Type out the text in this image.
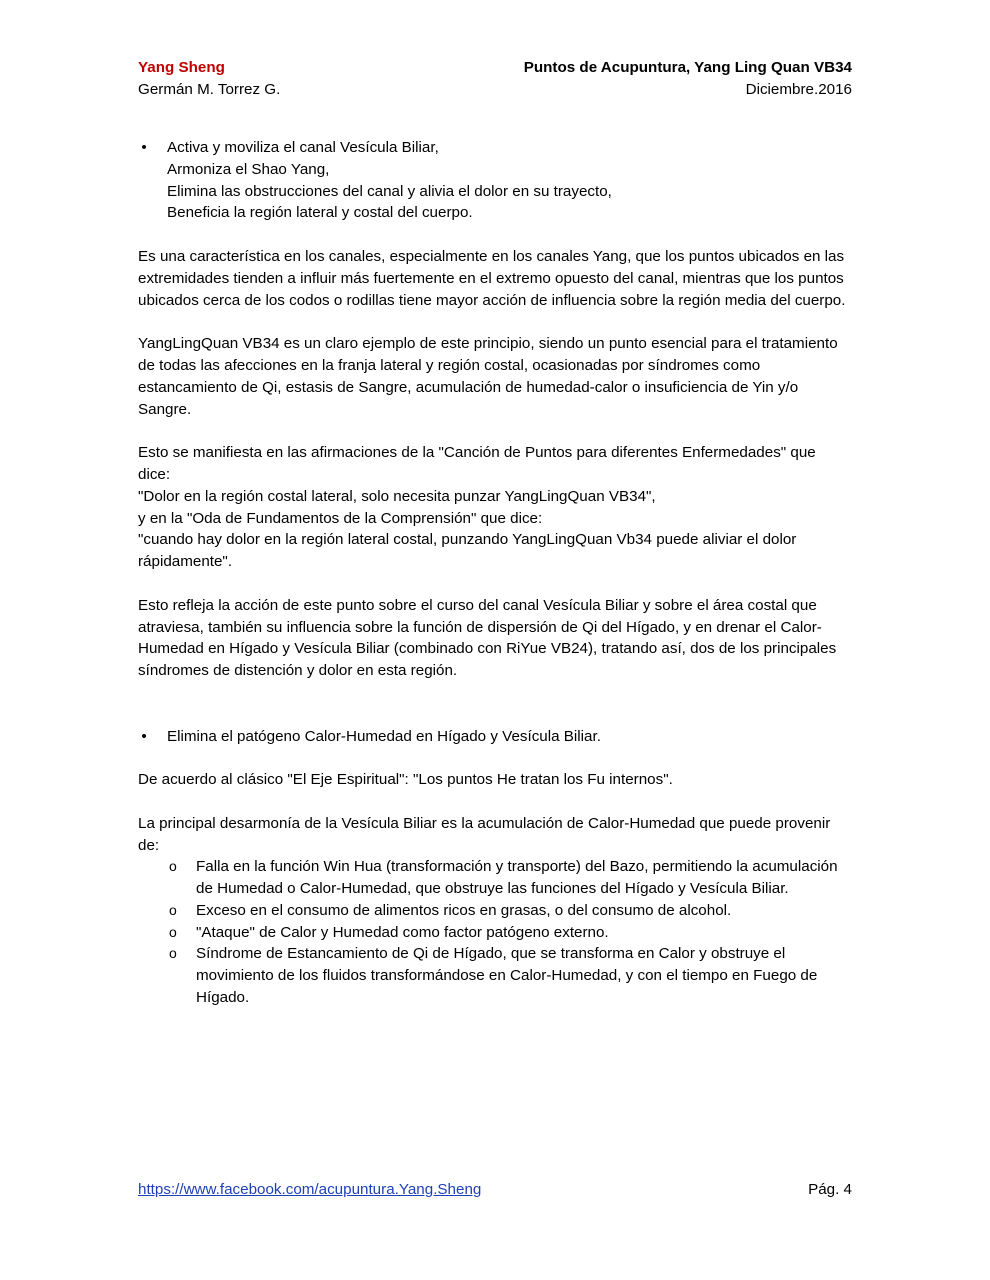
Yang Sheng	Puntos de Acupuntura, Yang Ling Quan VB34
Germán M. Torrez G.	Diciembre.2016
• Activa y moviliza el canal Vesícula Biliar,
Armoniza el Shao Yang,
Elimina las obstrucciones del canal y alivia el dolor en su trayecto,
Beneficia la región lateral y costal del cuerpo.

Es una característica en los canales, especialmente en los canales Yang, que los puntos ubicados en las extremidades tienden a influir más fuertemente en el extremo opuesto del canal, mientras que los puntos ubicados cerca de los codos o rodillas tiene mayor acción de influencia sobre la región media del cuerpo.

YangLingQuan VB34 es un claro ejemplo de este principio, siendo un punto esencial para el tratamiento de todas las afecciones en la franja lateral y región costal, ocasionadas por síndromes como estancamiento de Qi, estasis de Sangre, acumulación de humedad-calor o insuficiencia de Yin y/o Sangre.

Esto se manifiesta en las afirmaciones de la "Canción de Puntos para diferentes Enfermedades" que dice:
"Dolor en la región costal lateral, solo necesita punzar YangLingQuan VB34",
y en la "Oda de Fundamentos de la Comprensión" que dice:
"cuando hay dolor en la región lateral costal, punzando YangLingQuan Vb34 puede aliviar el dolor rápidamente".

Esto refleja la acción de este punto sobre el curso del canal Vesícula Biliar y sobre el área costal que atraviesa, también su influencia sobre la función de dispersión de Qi del Hígado, y en drenar el Calor-Humedad en Hígado y Vesícula Biliar (combinado con RiYue VB24), tratando así, dos de los principales síndromes de distención y dolor en esta región.

• Elimina el patógeno Calor-Humedad en Hígado y Vesícula Biliar.

De acuerdo al clásico "El Eje Espiritual": "Los puntos He tratan los Fu internos".

La principal desarmonía de la Vesícula Biliar es la acumulación de Calor-Humedad que puede provenir de:

o Falla en la función Win Hua (transformación y transporte) del Bazo, permitiendo la acumulación de Humedad o Calor-Humedad, que obstruye las funciones del Hígado y Vesícula Biliar.
o Exceso en el consumo de alimentos ricos en grasas, o del consumo de alcohol.
o "Ataque" de Calor y Humedad como factor patógeno externo.
o Síndrome de Estancamiento de Qi de Hígado, que se transforma en Calor y obstruye el movimiento de los fluidos transformándose en Calor-Humedad, y con el tiempo en Fuego de Hígado.
https://www.facebook.com/acupuntura.Yang.Sheng	Pág. 4
